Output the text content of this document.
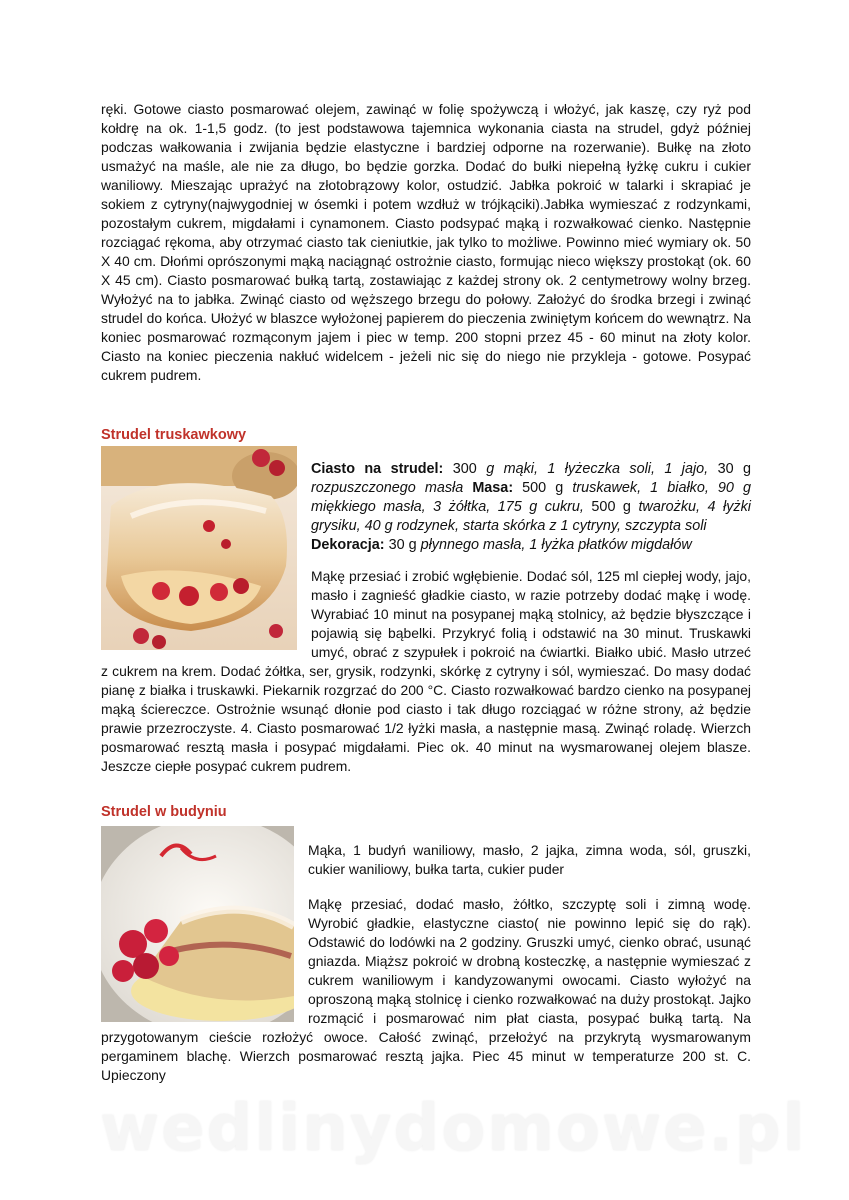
ręki. Gotowe ciasto posmarować olejem, zawinąć w folię spożywczą i włożyć, jak kaszę, czy ryż pod kołdrę na ok. 1-1,5 godz. (to jest podstawowa tajemnica wykonania ciasta na strudel, gdyż później podczas wałkowania i zwijania będzie elastyczne i bardziej odporne na rozerwanie). Bułkę na złoto usmażyć na maśle, ale nie za długo, bo będzie gorzka. Dodać do bułki niepełną łyżkę cukru i cukier waniliowy. Mieszając uprażyć na złotobrązowy kolor, ostudzić. Jabłka pokroić w talarki i skrapiać je sokiem z cytryny(najwygodniej w ósemki i potem wzdłuż w trójkąciki).Jabłka wymieszać z rodzynkami, pozostałym cukrem, migdałami i cynamonem. Ciasto podsypać mąką i rozwałkować cienko. Następnie rozciągać rękoma, aby otrzymać ciasto tak cieniutkie, jak tylko to możliwe. Powinno mieć wymiary ok. 50 X 40 cm. Dłońmi oprószonymi mąką naciągnąć ostrożnie ciasto, formując nieco większy prostokąt (ok. 60 X 45 cm). Ciasto posmarować bułką tartą, zostawiając z każdej strony ok. 2 centymetrowy wolny brzeg. Wyłożyć na to jabłka. Zwinąć ciasto od węższego brzegu do połowy. Założyć do środka brzegi i zwinąć strudel do końca. Ułożyć w blaszce wyłożonej papierem do pieczenia zwiniętym końcem do wewnątrz. Na koniec posmarować rozmąconym jajem i piec w temp. 200 stopni przez 45 - 60 minut na złoty kolor. Ciasto na koniec pieczenia nakłuć widelcem - jeżeli nic się do niego nie przykleja - gotowe. Posypać cukrem pudrem.

Strudel truskawkowy

Ciasto na strudel: 300 g mąki, 1 łyżeczka soli, 1 jajo, 30 g rozpuszczonego masła Masa: 500 g truskawek, 1 białko, 90 g miękkiego masła, 3 żółtka, 175 g cukru, 500 g twarożku, 4 łyżki grysiku, 40 g rodzynek, starta skórka z 1 cytryny, szczypta soli
Dekoracja: 30 g płynnego masła, 1 łyżka płatków migdałów

Mąkę przesiać i zrobić wgłębienie. Dodać sól, 125 ml ciepłej wody, jajo, masło i zagnieść gładkie ciasto, w razie potrzeby dodać mąkę i wodę. Wyrabiać 10 minut na posypanej mąką stolnicy, aż będzie błyszczące i pojawią się bąbelki. Przykryć folią i odstawić na 30 minut. Truskawki umyć, obrać z szypułek i pokroić na ćwiartki. Białko ubić. Masło utrzeć z cukrem na krem. Dodać żółtka, ser, grysik, rodzynki, skórkę z cytryny i sól, wymieszać. Do masy dodać pianę z białka i truskawki. Piekarnik rozgrzać do 200 °C. Ciasto rozwałkować bardzo cienko na posypanej mąką ściereczce. Ostrożnie wsunąć dłonie pod ciasto i tak długo rozciągać w różne strony, aż będzie prawie przezroczyste. 4. Ciasto posmarować 1/2 łyżki masła, a następnie masą. Zwinąć roladę. Wierzch posmarować resztą masła i posypać migdałami. Piec ok. 40 minut na wysmarowanej olejem blasze. Jeszcze ciepłe posypać cukrem pudrem.

Strudel w budyniu

Mąka, 1 budyń waniliowy, masło, 2 jajka, zimna woda, sól, gruszki, cukier waniliowy, bułka tarta, cukier puder

Mąkę przesiać, dodać masło, żółtko, szczyptę soli i zimną wodę. Wyrobić gładkie, elastyczne ciasto( nie powinno lepić się do rąk). Odstawić do lodówki na 2 godziny. Gruszki umyć, cienko obrać, usunąć gniazda. Miąższ pokroić w drobną kosteczkę, a następnie wymieszać z cukrem waniliowym i kandyzowanymi owocami. Ciasto wyłożyć na oproszoną mąką stolnicę i cienko rozwałkować na duży prostokąt. Jajko rozmącić i posmarować nim płat ciasta, posypać bułką tartą. Na przygotowanym cieście rozłożyć owoce. Całość zwinąć, przełożyć na przykrytą wysmarowanym pergaminem blachę. Wierzch posmarować resztą jajka. Piec 45 minut w temperaturze 200 st. C. Upieczony

wedlinydomowe.pl
